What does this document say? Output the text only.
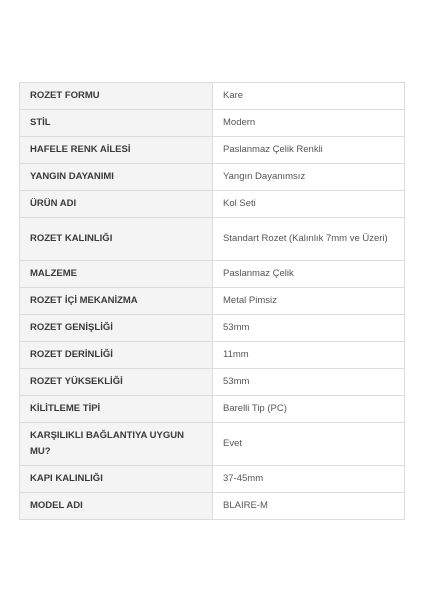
ROZET FORMU	Kare
STİL	Modern
HAFELE RENK AİLESİ	Paslanmaz Çelik Renkli
YANGIN DAYANIMI	Yangın Dayanımsız
ÜRÜN ADI	Kol Seti
ROZET KALINLIĞI	Standart Rozet (Kalınlık 7mm ve Üzeri)
MALZEME	Paslanmaz Çelik
ROZET İÇİ MEKANİZMA	Metal Pimsiz
ROZET GENİŞLİĞİ	53mm
ROZET DERİNLİĞİ	11mm
ROZET YÜKSEKLİĞİ	53mm
KİLİTLEME TİPİ	Barelli Tip (PC)
KARŞILIKLI BAĞLANTIYA UYGUN MU?	Evet
KAPI KALINLIĞI	37-45mm
MODEL ADI	BLAIRE-M
